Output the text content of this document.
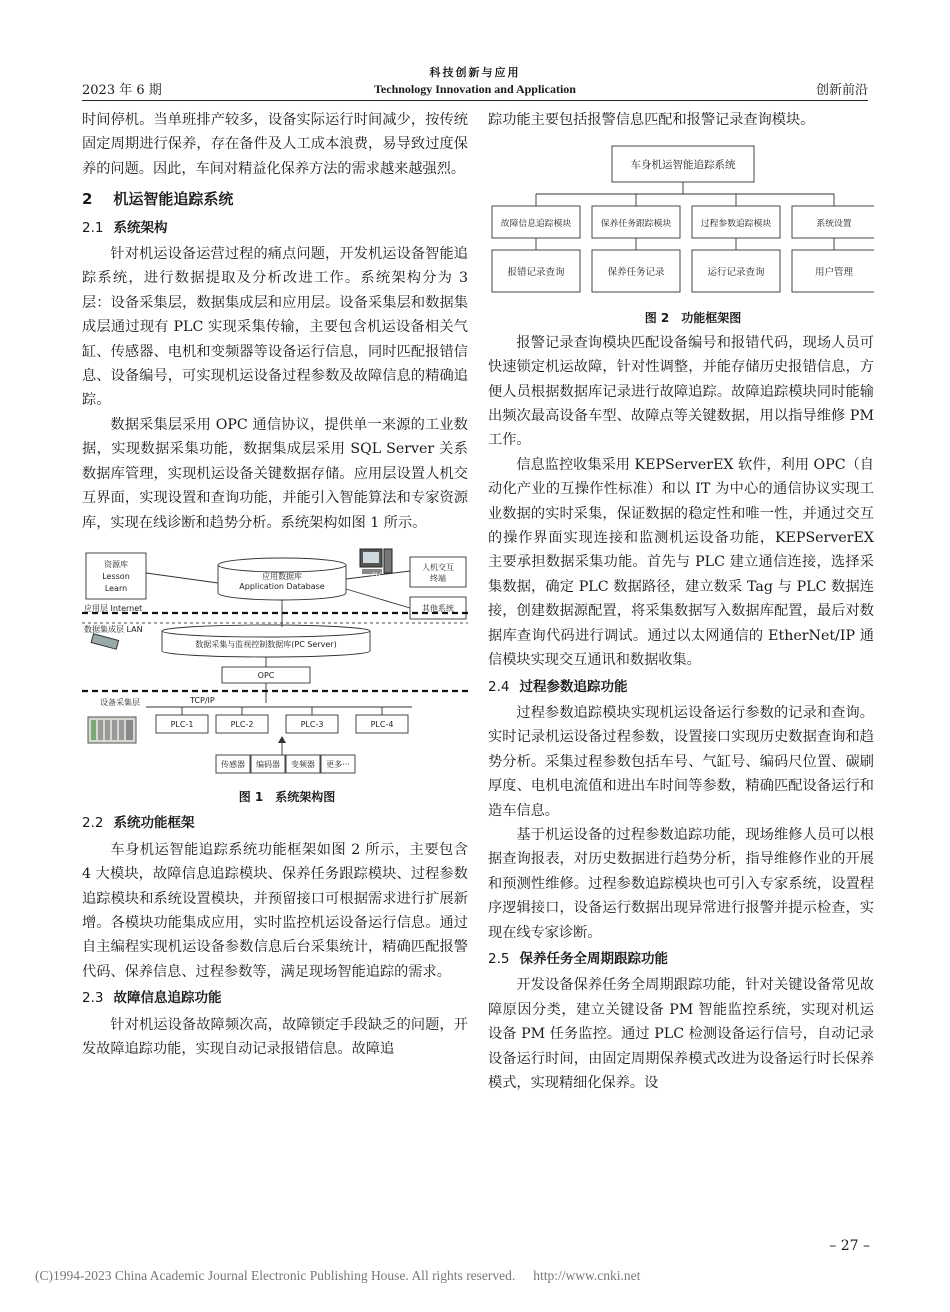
2023 年 6 期
科技创新与应用
Technology Innovation and Application	创新前沿

时间停机。当单班排产较多，设备实际运行时间减少，按传统固定周期进行保养，存在备件及人工成本浪费，易导致过度保养的问题。因此，车间对精益化保养方法的需求越来越强烈。

2 机运智能追踪系统
2.1 系统架构

针对机运设备运营过程的痛点问题，开发机运设备智能追踪系统，进行数据提取及分析改进工作。系统架构分为 3 层：设备采集层，数据集成层和应用层。设备采集层和数据集成层通过现有 PLC 实现采集传输，主要包含机运设备相关气缸、传感器、电机和变频器等设备运行信息，同时匹配报错信息、设备编号，可实现机运设备过程参数及故障信息的精确追踪。

数据采集层采用 OPC 通信协议，提供单一来源的工业数据，实现数据采集功能，数据集成层采用 SQL Server 关系数据库管理，实现机运设备关键数据存储。应用层设置人机交互界面，实现设置和查询功能，并能引入智能算法和专家资源库，实现在线诊断和趋势分析。系统架构如图 1 所示。

资源库
Lesson
Learn
应用数据库
Application Database
人机交互
终端
其他系统
数据采集与监视控制数据库(PC Server)
OPC
PLC-1	PLC-2	PLC-3	PLC-4
传感器 编码器 变频器 更多···
应用层 Internet
数据集成层 LAN
设备采集层	TCP/IP
PLC

图 1　系统架构图

2.2 系统功能框架

车身机运智能追踪系统功能框架如图 2 所示，主要包含 4 大模块，故障信息追踪模块、保养任务跟踪模块、过程参数追踪模块和系统设置模块，并预留接口可根据需求进行扩展新增。各模块功能集成应用，实时监控机运设备运行信息。通过自主编程实现机运设备参数信息后台采集统计，精确匹配报警代码、保养信息、过程参数等，满足现场智能追踪的需求。

2.3 故障信息追踪功能

针对机运设备故障频次高，故障锁定手段缺乏的问题，开发故障追踪功能，实现自动记录报错信息。故障追

踪功能主要包括报警信息匹配和报警记录查询模块。

车身机运智能追踪系统
故障信息追踪模块	保养任务跟踪模块	过程参数追踪模块	系统设置
报错记录查询	保养任务记录	运行记录查询	用户管理

图 2　功能框架图

报警记录查询模块匹配设备编号和报错代码，现场人员可快速锁定机运故障，针对性调整，并能存储历史报错信息，方便人员根据数据库记录进行故障追踪。故障追踪模块同时能输出频次最高设备车型、故障点等关键数据，用以指导维修 PM 工作。

信息监控收集采用 KEPServerEX 软件，利用 OPC（自动化产业的互操作性标准）和以 IT 为中心的通信协议实现工业数据的实时采集，保证数据的稳定性和唯一性，并通过交互的操作界面实现连接和监测机运设备功能，KEPServerEX 主要承担数据采集功能。首先与 PLC 建立通信连接，选择采集数据，确定 PLC 数据路径，建立数采 Tag 与 PLC 数据连接，创建数据源配置，将采集数据写入数据库配置，最后对数据库查询代码进行调试。通过以太网通信的 EtherNet/IP 通信模块实现交互通讯和数据收集。

2.4 过程参数追踪功能

过程参数追踪模块实现机运设备运行参数的记录和查询。实时记录机运设备过程参数，设置接口实现历史数据查询和趋势分析。采集过程参数包括车号、气缸号、编码尺位置、碳刷厚度、电机电流值和进出车时间等参数，精确匹配设备运行和造车信息。

基于机运设备的过程参数追踪功能，现场维修人员可以根据查询报表，对历史数据进行趋势分析，指导维修作业的开展和预测性维修。过程参数追踪模块也可引入专家系统，设置程序逻辑接口，设备运行数据出现异常进行报警并提示检查，实现在线专家诊断。

2.5 保养任务全周期跟踪功能

开发设备保养任务全周期跟踪功能，针对关键设备常见故障原因分类，建立关键设备 PM 智能监控系统，实现对机运设备 PM 任务监控。通过 PLC 检测设备运行信号，自动记录设备运行时间，由固定周期保养模式改进为设备运行时长保养模式，实现精细化保养。设

– 27 –
(C)1994-2023 China Academic Journal Electronic Publishing House. All rights reserved. http://www.cnki.net
